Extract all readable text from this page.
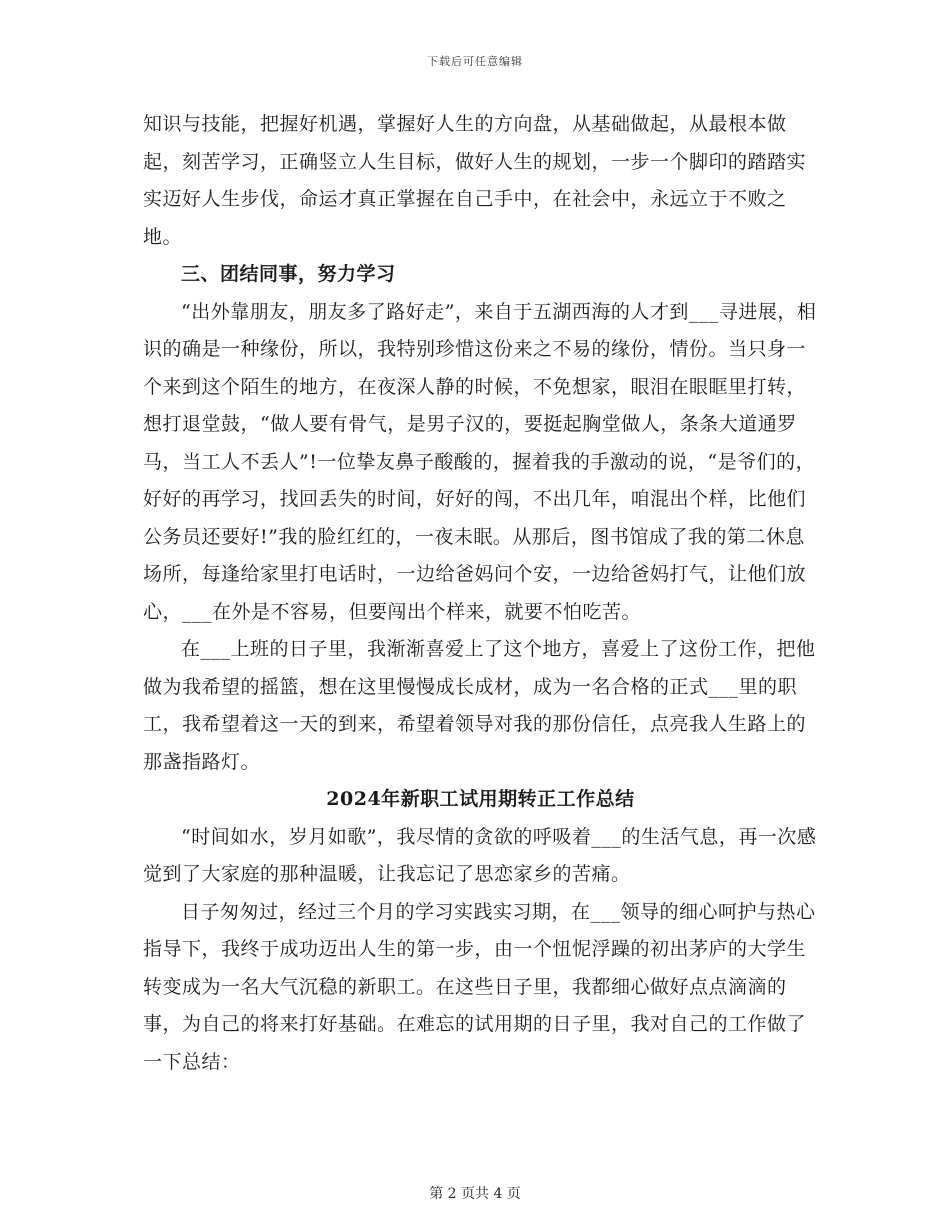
下载后可任意编辑

知识与技能，把握好机遇，掌握好人生的方向盘，从基础做起，从最根本做起，刻苦学习，正确竖立人生目标，做好人生的规划，一步一个脚印的踏踏实实迈好人生步伐，命运才真正掌握在自己手中，在社会中，永远立于不败之地。

三、团结同事，努力学习

“出外靠朋友，朋友多了路好走”，来自于五湖西海的人才到___寻进展，相识的确是一种缘份，所以，我特别珍惜这份来之不易的缘份，情份。当只身一个来到这个陌生的地方，在夜深人静的时候，不免想家，眼泪在眼眶里打转，想打退堂鼓，“做人要有骨气，是男子汉的，要挺起胸堂做人，条条大道通罗马，当工人不丢人”!一位挚友鼻子酸酸的，握着我的手激动的说，“是爷们的，好好的再学习，找回丢失的时间，好好的闯，不出几年，咱混出个样，比他们公务员还要好!”我的脸红红的，一夜未眠。从那后，图书馆成了我的第二休息场所，每逢给家里打电话时，一边给爸妈问个安，一边给爸妈打气，让他们放心，___在外是不容易，但要闯出个样来，就要不怕吃苦。

在___上班的日子里，我渐渐喜爱上了这个地方，喜爱上了这份工作，把他做为我希望的摇篮，想在这里慢慢成长成材，成为一名合格的正式___里的职工，我希望着这一天的到来，希望着领导对我的那份信任，点亮我人生路上的那盏指路灯。

2024年新职工试用期转正工作总结

“时间如水，岁月如歌”，我尽情的贪欲的呼吸着___的生活气息，再一次感觉到了大家庭的那种温暖，让我忘记了思恋家乡的苦痛。

日子匆匆过，经过三个月的学习实践实习期，在___领导的细心呵护与热心指导下，我终于成功迈出人生的第一步，由一个忸怩浮躁的初出茅庐的大学生转变成为一名大气沉稳的新职工。在这些日子里，我都细心做好点点滴滴的事，为自己的将来打好基础。在难忘的试用期的日子里，我对自己的工作做了一下总结：

第 2 页共 4 页
